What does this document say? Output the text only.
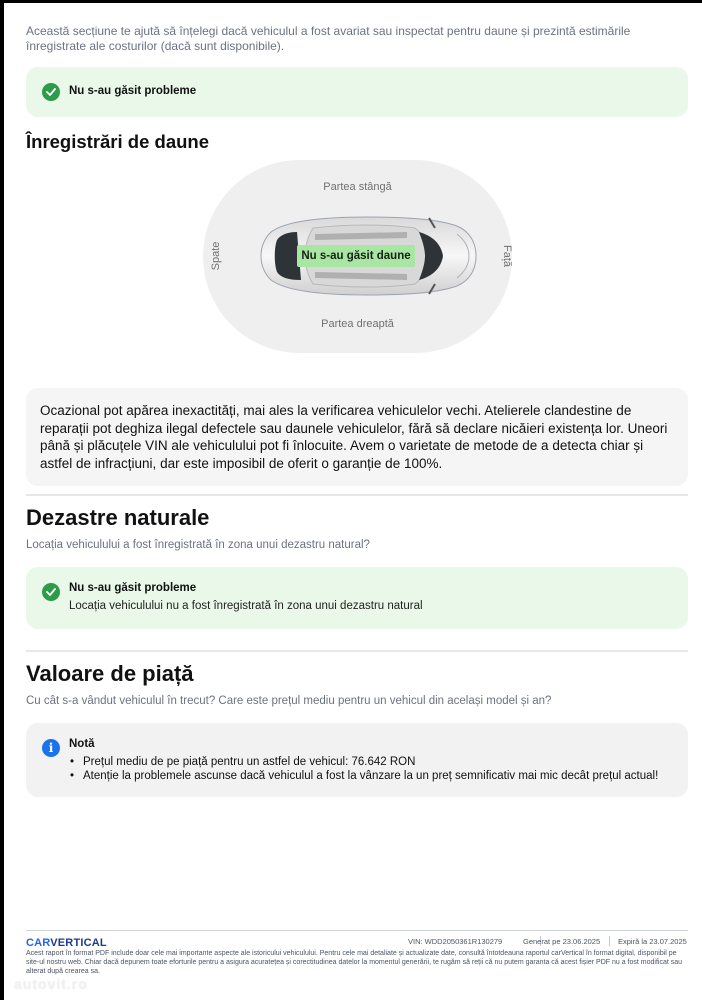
Această secțiune te ajută să înțelegi dacă vehiculul a fost avariat sau inspectat pentru daune și prezintă estimările înregistrate ale costurilor (dacă sunt disponibile).

Nu s-au găsit probleme
Înregistrări de daune
Partea stângă
Partea dreaptă
Spate	Față
Nu s-au găsit daune
Ocazional pot apărea inexactități, mai ales la verificarea vehiculelor vechi. Atelierele clandestine de reparații pot deghiza ilegal defectele sau daunele vehiculelor, fără să declare nicăieri existența lor. Uneori până și plăcuțele VIN ale vehiculului pot fi înlocuite. Avem o varietate de metode de a detecta chiar și astfel de infracțiuni, dar este imposibil de oferit o garanție de 100%.
Dezastre naturale

Locația vehiculului a fost înregistrată în zona unui dezastru natural?

Nu s-au găsit probleme
Locația vehiculului nu a fost înregistrată în zona unui dezastru natural
Valoare de piață

Cu cât s-a vândut vehiculul în trecut? Care este prețul mediu pentru un vehicul din același model și an?

i	Notă
• Prețul mediu de pe piață pentru un astfel de vehicul: 76.642 RON
• Atenție la problemele ascunse dacă vehiculul a fost la vânzare la un preț semnificativ mai mic decât prețul actual!
CARVERTICAL	VIN: WDD2050361R130279	Generat pe 23.06.2025 Expiră la 23.07.2025

Acest raport în format PDF include doar cele mai importante aspecte ale istoricului vehiculului. Pentru cele mai detaliate și actualizate date, consultă întotdeauna raportul carVertical în format digital, disponibil pe site-ul nostru web. Chiar dacă depunem toate eforturile pentru a asigura acuratețea și corectitudinea datelor la momentul generării, te rugăm să reții că nu putem garanta că acest fișier PDF nu a fost modificat sau alterat după crearea sa.

autovit.ro
